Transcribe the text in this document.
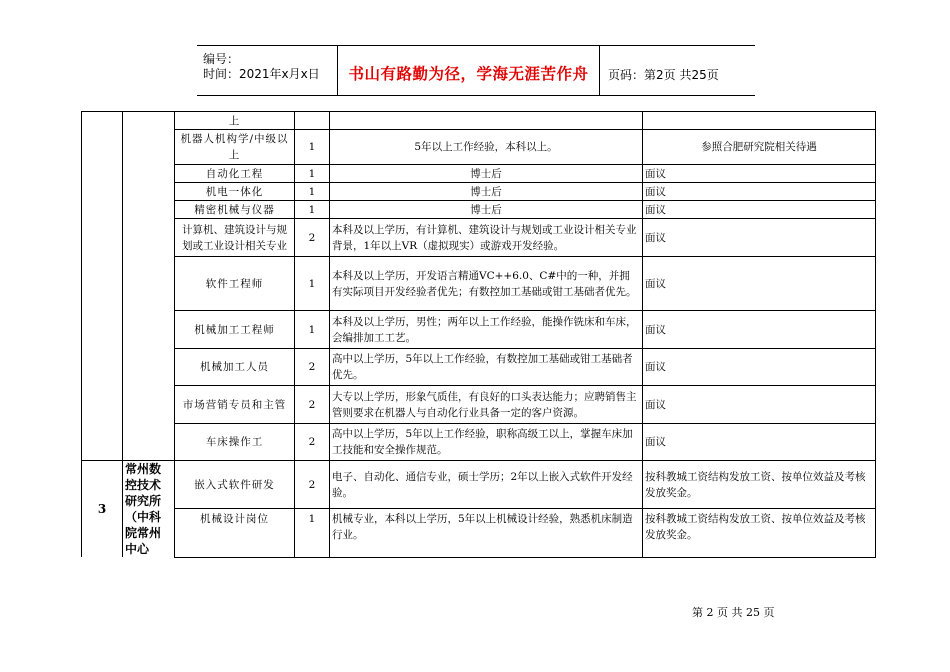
编号：
时间：2021年x月x日	书山有路勤为径，学海无涯苦作舟	页码：第2页 共25页
		上			
		机器人机构学/中级以上	1	5年以上工作经验，本科以上。	参照合肥研究院相关待遇
		自动化工程	1	博士后	面议
		机电一体化	1	博士后	面议
		精密机械与仪器	1	博士后	面议
		计算机、建筑设计与规划或工业设计相关专业	2	本科及以上学历，有计算机、建筑设计与规划或工业设计相关专业背景，1年以上VR（虚拟现实）或游戏开发经验。	面议
		软件工程师	1	本科及以上学历，开发语言精通VC++6.0、C#中的一种，并拥有实际项目开发经验者优先；有数控加工基础或钳工基础者优先。	面议
		机械加工工程师	1	本科及以上学历，男性；两年以上工作经验，能操作铣床和车床，会编排加工工艺。	面议
		机械加工人员	2	高中以上学历，5年以上工作经验，有数控加工基础或钳工基础者优先。	面议
		市场营销专员和主管	2	大专以上学历，形象气质佳，有良好的口头表达能力；应聘销售主管则要求在机器人与自动化行业具备一定的客户资源。	面议
		车床操作工	2	高中以上学历，5年以上工作经验，职称高级工以上，掌握车床加工技能和安全操作规范。	面议
3	常州数控技术研究所（中科院常州中心	嵌入式软件研发	2	电子、自动化、通信专业，硕士学历；2年以上嵌入式软件开发经验。	按科教城工资结构发放工资、按单位效益及考核发放奖金。
		机械设计岗位	1	机械专业，本科以上学历，5年以上机械设计经验，熟悉机床制造行业。	按科教城工资结构发放工资、按单位效益及考核发放奖金。
第 2 页 共 25 页
